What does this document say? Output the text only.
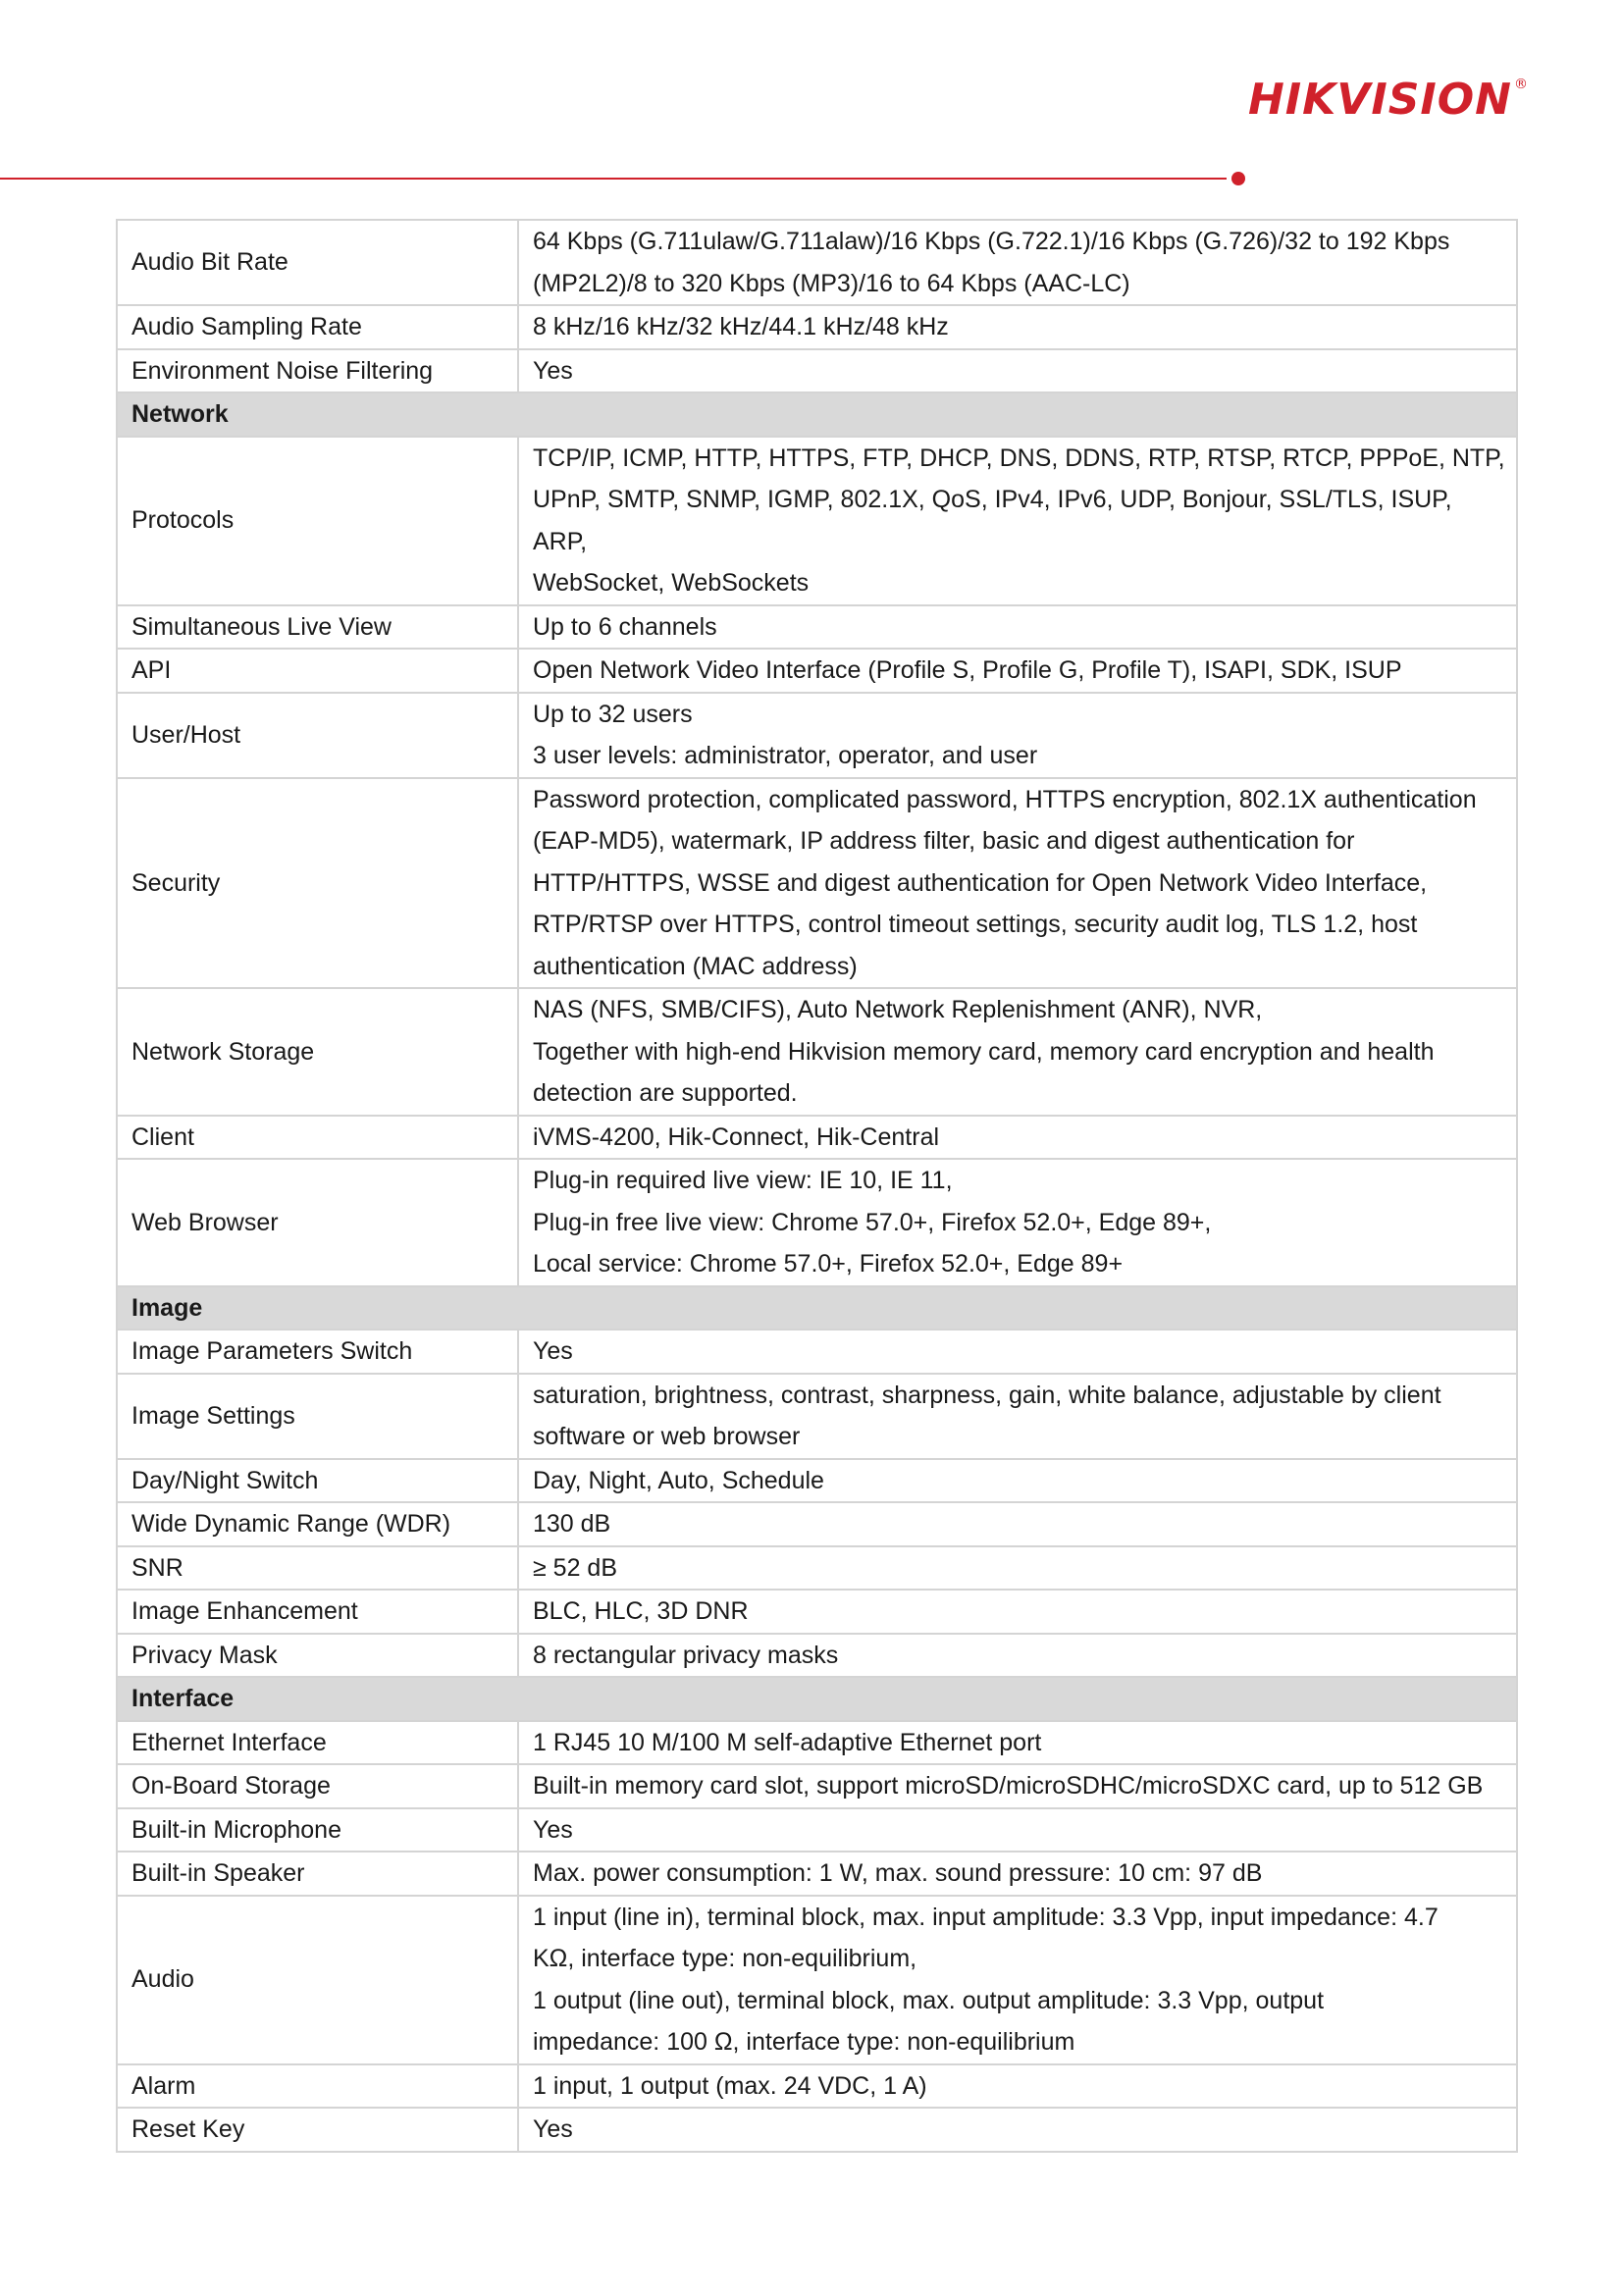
HIKVISION ®
Audio Bit Rate	64 Kbps (G.711ulaw/G.711alaw)/16 Kbps (G.722.1)/16 Kbps (G.726)/32 to 192 Kbps
(MP2L2)/8 to 320 Kbps (MP3)/16 to 64 Kbps (AAC-LC)

Audio Sampling Rate	8 kHz/16 kHz/32 kHz/44.1 kHz/48 kHz

Environment Noise Filtering	Yes

Network	
Protocols	TCP/IP, ICMP, HTTP, HTTPS, FTP, DHCP, DNS, DDNS, RTP, RTSP, RTCP, PPPoE, NTP,
UPnP, SMTP, SNMP, IGMP, 802.1X, QoS, IPv4, IPv6, UDP, Bonjour, SSL/TLS, ISUP, ARP,
WebSocket, WebSockets

Simultaneous Live View	Up to 6 channels

API	Open Network Video Interface (Profile S, Profile G, Profile T), ISAPI, SDK, ISUP

User/Host	Up to 32 users
3 user levels: administrator, operator, and user

Security	Password protection, complicated password, HTTPS encryption, 802.1X authentication
(EAP-MD5), watermark, IP address filter, basic and digest authentication for
HTTP/HTTPS, WSSE and digest authentication for Open Network Video Interface,
RTP/RTSP over HTTPS, control timeout settings, security audit log, TLS 1.2, host
authentication (MAC address)

Network Storage	NAS (NFS, SMB/CIFS), Auto Network Replenishment (ANR), NVR,
Together with high-end Hikvision memory card, memory card encryption and health
detection are supported.

Client	iVMS-4200, Hik-Connect, Hik-Central

Web Browser	Plug-in required live view: IE 10, IE 11,
Plug-in free live view: Chrome 57.0+, Firefox 52.0+, Edge 89+,
Local service: Chrome 57.0+, Firefox 52.0+, Edge 89+

Image	
Image Parameters Switch	Yes

Image Settings	saturation, brightness, contrast, sharpness, gain, white balance, adjustable by client
software or web browser

Day/Night Switch	Day, Night, Auto, Schedule

Wide Dynamic Range (WDR)	130 dB

SNR	≥ 52 dB

Image Enhancement	BLC, HLC, 3D DNR

Privacy Mask	8 rectangular privacy masks

Interface	
Ethernet Interface	1 RJ45 10 M/100 M self-adaptive Ethernet port

On-Board Storage	Built-in memory card slot, support microSD/microSDHC/microSDXC card, up to 512 GB

Built-in Microphone	Yes

Built-in Speaker	Max. power consumption: 1 W, max. sound pressure: 10 cm: 97 dB

Audio	1 input (line in), terminal block, max. input amplitude: 3.3 Vpp, input impedance: 4.7
KΩ, interface type: non-equilibrium,
1 output (line out), terminal block, max. output amplitude: 3.3 Vpp, output
impedance: 100 Ω, interface type: non-equilibrium

Alarm	1 input, 1 output (max. 24 VDC, 1 A)

Reset Key	Yes
